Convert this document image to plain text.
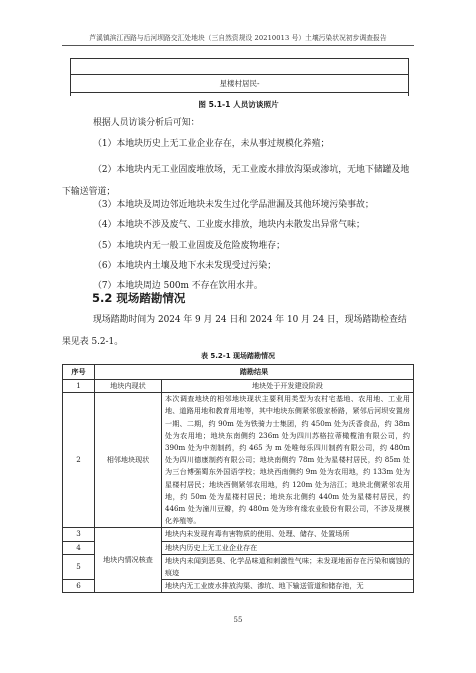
芦溪镇滨江西路与后河坝路交汇处地块（三自然资规设 20210013 号）土壤污染状况初步调查报告
星楼村居民-
图 5.1-1 人员访谈照片
根据人员访谈分析后可知：
（1）本地块历史上无工业企业存在，未从事过规模化养殖；
（2）本地块内无工业固废堆放场，无工业废水排放沟渠或渗坑，无地下储罐及地下输送管道；
（3）本地块及周边邻近地块未发生过化学品泄漏及其他环境污染事故；
（4）本地块不涉及废气、工业废水排放，地块内未散发出异常气味；
（5）本地块内无一般工业固废及危险废物堆存；
（6）本地块内土壤及地下水未发现受过污染；
（7）本地块周边 500m 不存在饮用水井。
5.2 现场踏勘情况
现场踏勘时间为 2024 年 9 月 24 日和 2024 年 10 月 24 日，现场踏勘检查结果见表 5.2-1。
表 5.2-1 现场踏勘情况
序号	踏勘结果	
1	地块内现状	地块处于开发建设阶段
2	相邻地块现状	本次调查地块的相邻地块现状主要利用类型为农村宅基地、农用地、工业用地、道路用地和教育用地等，其中地块东侧紧邻殷家桥路，紧邻后河坝安置房一期、二期，约 90m 处为铁骑力士集团，约 450m 处为沃香食品，约 38m 处为农用地；地块东南侧约 236m 处为四川苏格拉蒂橄榄油有限公司，约 390m 处为中剂制药，约 465 为 m 处唯每乐四川制药有限公司，约 480m 处为四川德康制药有限公司；地块南侧约 78m 处为星楼村居民，约 85m 处为三台博强蜀东外国语学校；地块西南侧约 9m 处为农用地，约 133m 处为星楼村居民；地块西侧紧邻农用地，约 120m 处为涪江；地块北侧紧邻农用地，约 50m 处为星楼村居民；地块东北侧约 440m 处为星楼村居民，约 446m 处为潼川豆瓣，约 480m 处为珍有缘农业股份有限公司，不涉及规模化养殖等。
3	地块内情况核查	地块内未发现有毒有害物质的使用、处理、储存、处置场所
4		地块内历史上无工业企业存在
5		地块内未闻到恶臭、化学品味道和刺激性气味；未发现地面存在污染和腐蚀的痕迹
6		地块内无工业废水排放沟渠、渗坑、地下输送管道和储存池，无
55
